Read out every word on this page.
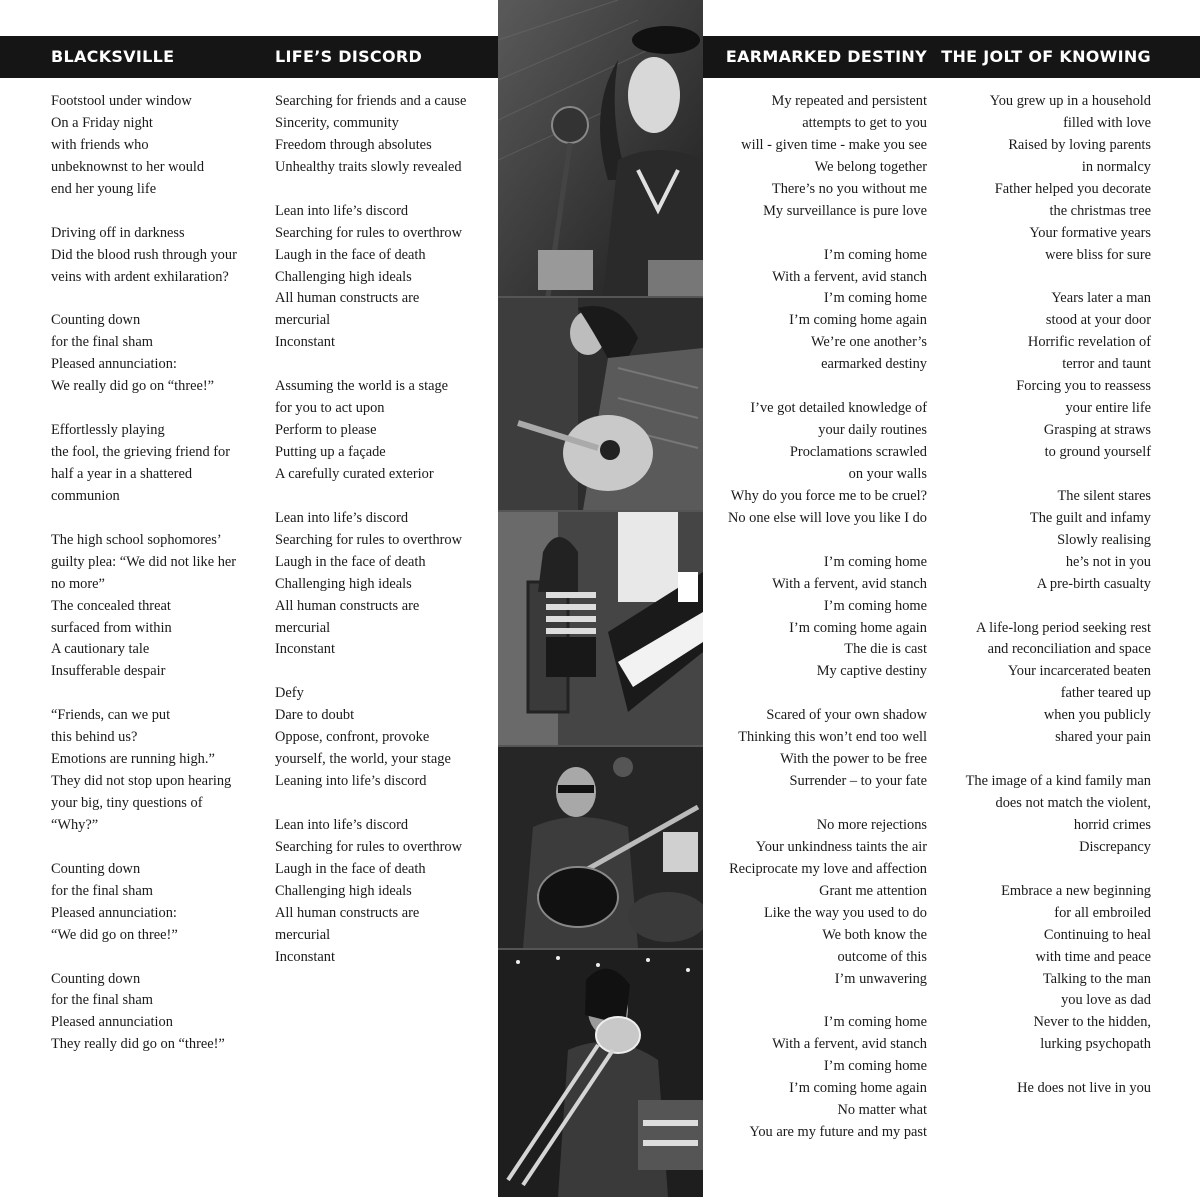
BLACKSVILLE	LIFE’S DISCORD	EARMARKED DESTINY THE JOLT OF KNOWING
Footstool under window
On a Friday night
with friends who
unbeknownst to her would
end her young life
Driving off in darkness
Did the blood rush through your
veins with ardent exhilaration?
Counting down
for the final sham
Pleased annunciation:
We really did go on “three!”
Effortlessly playing
the fool, the grieving friend for
half a year in a shattered
communion
The high school sophomores’
guilty plea: “We did not like her
no more”
The concealed threat
surfaced from within
A cautionary tale
Insufferable despair
“Friends, can we put
this behind us?
Emotions are running high.”
They did not stop upon hearing
your big, tiny questions of
“Why?”
Counting down
for the final sham
Pleased annunciation:
“We did go on three!”
Counting down
for the final sham
Pleased annunciation
They really did go on “three!”
Searching for friends and a cause
Sincerity, community
Freedom through absolutes
Unhealthy traits slowly revealed
Lean into life’s discord
Searching for rules to overthrow
Laugh in the face of death
Challenging high ideals
All human constructs are
mercurial
Inconstant
Assuming the world is a stage
for you to act upon
Perform to please
Putting up a façade
A carefully curated exterior
Lean into life’s discord
Searching for rules to overthrow
Laugh in the face of death
Challenging high ideals
All human constructs are
mercurial
Inconstant
Defy
Dare to doubt
Oppose, confront, provoke
yourself, the world, your stage
Leaning into life’s discord
Lean into life’s discord
Searching for rules to overthrow
Laugh in the face of death
Challenging high ideals
All human constructs are
mercurial
Inconstant
My repeated and persistent
attempts to get to you
will - given time - make you see
We belong together
There’s no you without me
My surveillance is pure love
I’m coming home
With a fervent, avid stanch
I’m coming home
I’m coming home again
We’re one another’s
earmarked destiny
I’ve got detailed knowledge of
your daily routines
Proclamations scrawled
on your walls
Why do you force me to be cruel?
No one else will love you like I do
I’m coming home
With a fervent, avid stanch
I’m coming home
I’m coming home again
The die is cast
My captive destiny
Scared of your own shadow
Thinking this won’t end too well
With the power to be free
Surrender – to your fate
No more rejections
Your unkindness taints the air
Reciprocate my love and affection
Grant me attention
Like the way you used to do
We both know the
outcome of this
I’m unwavering
I’m coming home
With a fervent, avid stanch
I’m coming home
I’m coming home again
No matter what
You are my future and my past
You grew up in a household
filled with love
Raised by loving parents
in normalcy
Father helped you decorate
the christmas tree
Your formative years
were bliss for sure
Years later a man
stood at your door
Horrific revelation of
terror and taunt
Forcing you to reassess
your entire life
Grasping at straws
to ground yourself
The silent stares
The guilt and infamy
Slowly realising
he’s not in you
A pre-birth casualty
A life-long period seeking rest
and reconciliation and space
Your incarcerated beaten
father teared up
when you publicly
shared your pain
The image of a kind family man
does not match the violent,
horrid crimes
Discrepancy
Embrace a new beginning
for all embroiled
Continuing to heal
with time and peace
Talking to the man
you love as dad
Never to the hidden,
lurking psychopath
He does not live in you
